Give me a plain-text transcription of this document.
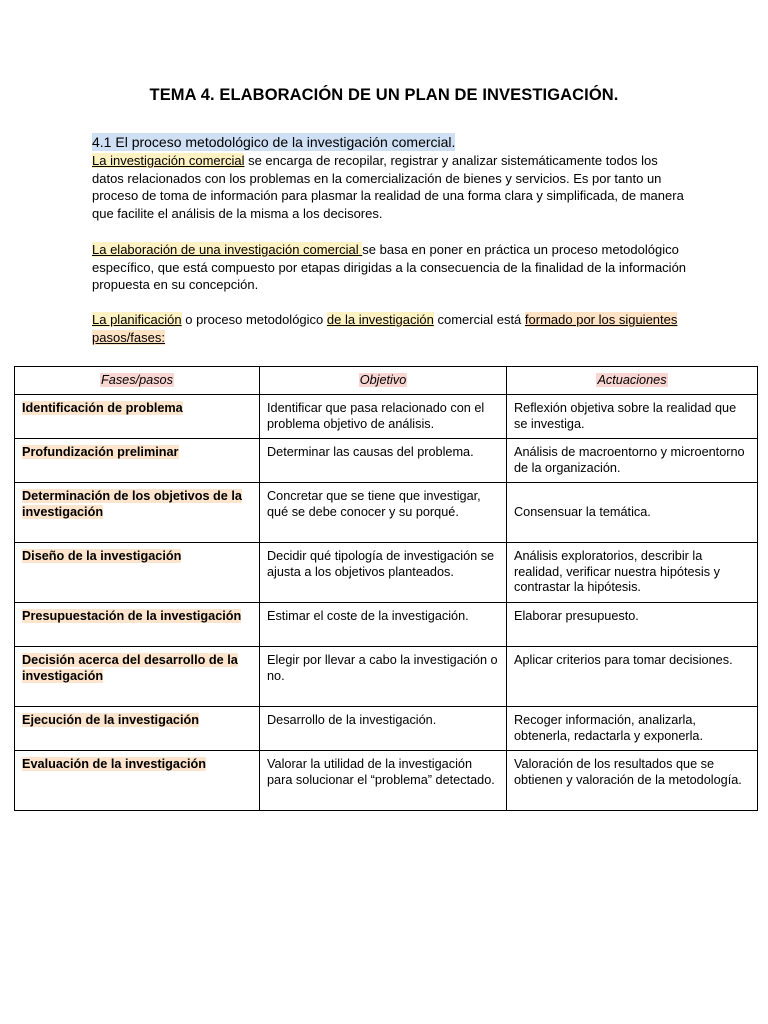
TEMA 4. ELABORACIÓN DE UN PLAN DE INVESTIGACIÓN.
4.1 El proceso metodológico de la investigación comercial.
La investigación comercial se encarga de recopilar, registrar y analizar sistemáticamente todos los datos relacionados con los problemas en la comercialización de bienes y servicios. Es por tanto un proceso de toma de información para plasmar la realidad de una forma clara y simplificada, de manera que facilite el análisis de la misma a los decisores.
La elaboración de una investigación comercial se basa en poner en práctica un proceso metodológico específico, que está compuesto por etapas dirigidas a la consecuencia de la finalidad de la información propuesta en su concepción.
La planificación o proceso metodológico de la investigación comercial está formado por los siguientes pasos/fases:
Fases/pasos	Objetivo	Actuaciones
Identificación de problema	Identificar que pasa relacionado con el problema objetivo de análisis.	Reflexión objetiva sobre la realidad que se investiga.
Profundización preliminar	Determinar las causas del problema.	Análisis de macroentorno y microentorno de la organización.
Determinación de los objetivos de la investigación	Concretar que se tiene que investigar, qué se debe conocer y su porqué.	Consensuar la temática.
Diseño de la investigación	Decidir qué tipología de investigación se ajusta a los objetivos planteados.	Análisis exploratorios, describir la realidad, verificar nuestra hipótesis y contrastar la hipótesis.
Presupuestación de la investigación	Estimar el coste de la investigación.	Elaborar presupuesto.
Decisión acerca del desarrollo de la investigación	Elegir por llevar a cabo la investigación o no.	Aplicar criterios para tomar decisiones.
Ejecución de la investigación	Desarrollo de la investigación.	Recoger información, analizarla, obtenerla, redactarla y exponerla.
Evaluación de la investigación	Valorar la utilidad de la investigación para solucionar el “problema” detectado.	Valoración de los resultados que se obtienen y valoración de la metodología.
